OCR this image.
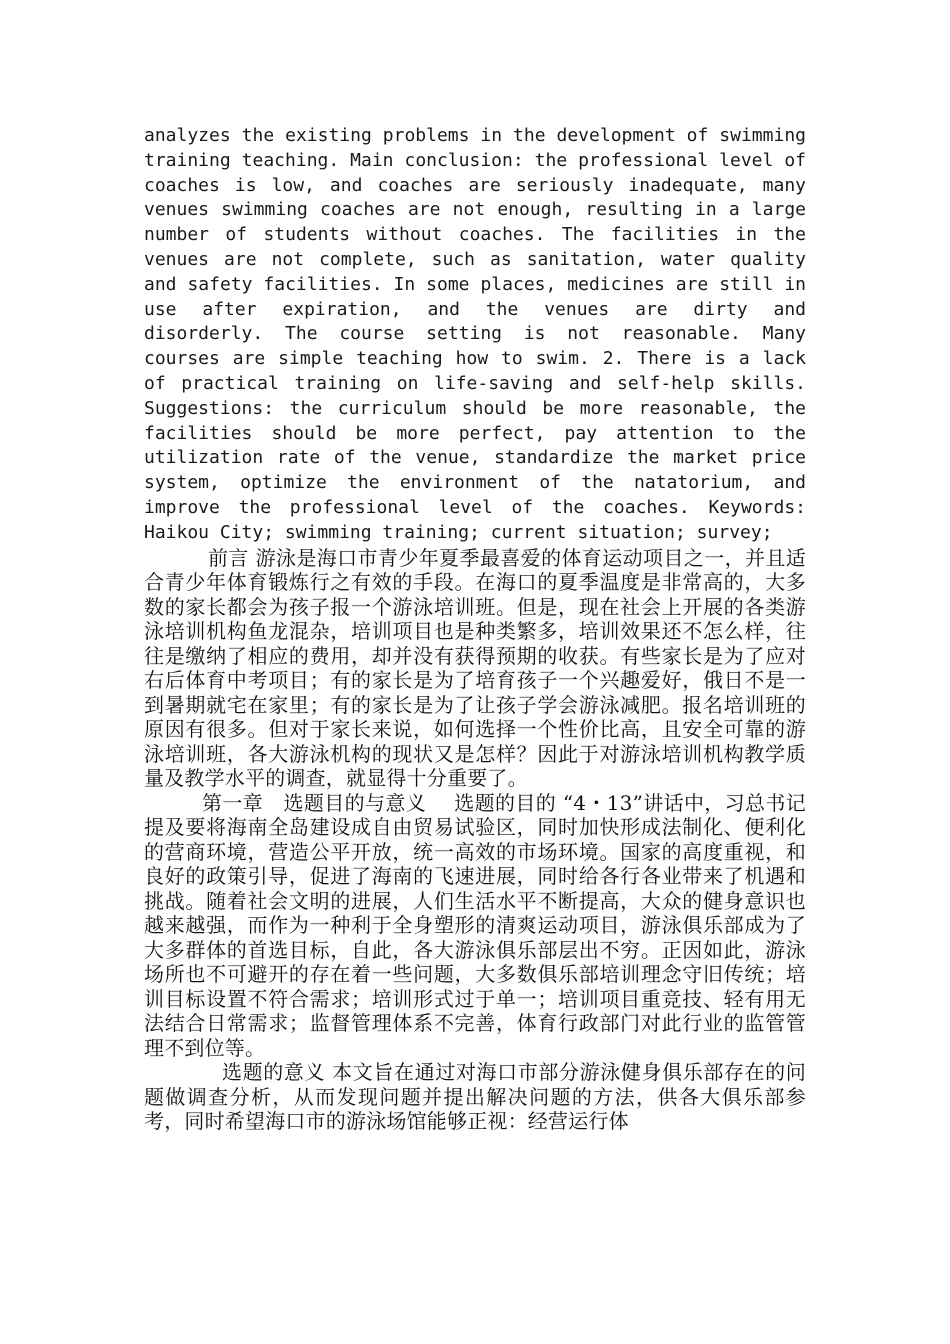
analyzes the existing problems in the development of swimming training teaching. Main conclusion: the professional level of coaches is low, and coaches are seriously inadequate, many venues swimming coaches are not enough, resulting in a large number of students without coaches. The facilities in the venues are not complete, such as sanitation, water quality and safety facilities. In some places, medicines are still in use after expiration, and the venues are dirty and disorderly. The course setting is not reasonable. Many courses are simple teaching how to swim. 2. There is a lack of practical training on life-saving and self-help skills. Suggestions: the curriculum should be more reasonable, the facilities should be more perfect, pay attention to the utilization rate of the venue, standardize the market price system, optimize the environment of the natatorium, and improve the professional level of the coaches. Keywords: Haikou City; swimming training; current situation; survey;

前言 游泳是海口市青少年夏季最喜爱的体育运动项目之一，并且适合青少年体育锻炼行之有效的手段。在海口的夏季温度是非常高的，大多数的家长都会为孩子报一个游泳培训班。但是，现在社会上开展的各类游泳培训机构鱼龙混杂，培训项目也是种类繁多，培训效果还不怎么样，往往是缴纳了相应的费用，却并没有获得预期的收获。有些家长是为了应对右后体育中考项目；有的家长是为了培育孩子一个兴趣爱好，俄日不是一到暑期就宅在家里；有的家长是为了让孩子学会游泳减肥。报名培训班的原因有很多。但对于家长来说，如何选择一个性价比高，且安全可靠的游泳培训班，各大游泳机构的现状又是怎样？因此于对游泳培训机构教学质量及教学水平的调查，就显得十分重要了。

第一章　选题目的与意义 选题的目的 “4・13”讲话中，习总书记提及要将海南全岛建设成自由贸易试验区，同时加快形成法制化、便利化的营商环境，营造公平开放，统一高效的市场环境。国家的高度重视，和良好的政策引导，促进了海南的飞速进展，同时给各行各业带来了机遇和挑战。随着社会文明的进展，人们生活水平不断提高，大众的健身意识也越来越强，而作为一种利于全身塑形的清爽运动项目，游泳俱乐部成为了大多群体的首选目标，自此，各大游泳俱乐部层出不穷。正因如此，游泳场所也不可避开的存在着一些问题，大多数俱乐部培训理念守旧传统；培训目标设置不符合需求；培训形式过于单一；培训项目重竞技、轻有用无法结合日常需求；监督管理体系不完善，体育行政部门对此行业的监管管理不到位等。

选题的意义 本文旨在通过对海口市部分游泳健身俱乐部存在的问题做调查分析，从而发现问题并提出解决问题的方法，供各大俱乐部参考，同时希望海口市的游泳场馆能够正视：经营运行体
